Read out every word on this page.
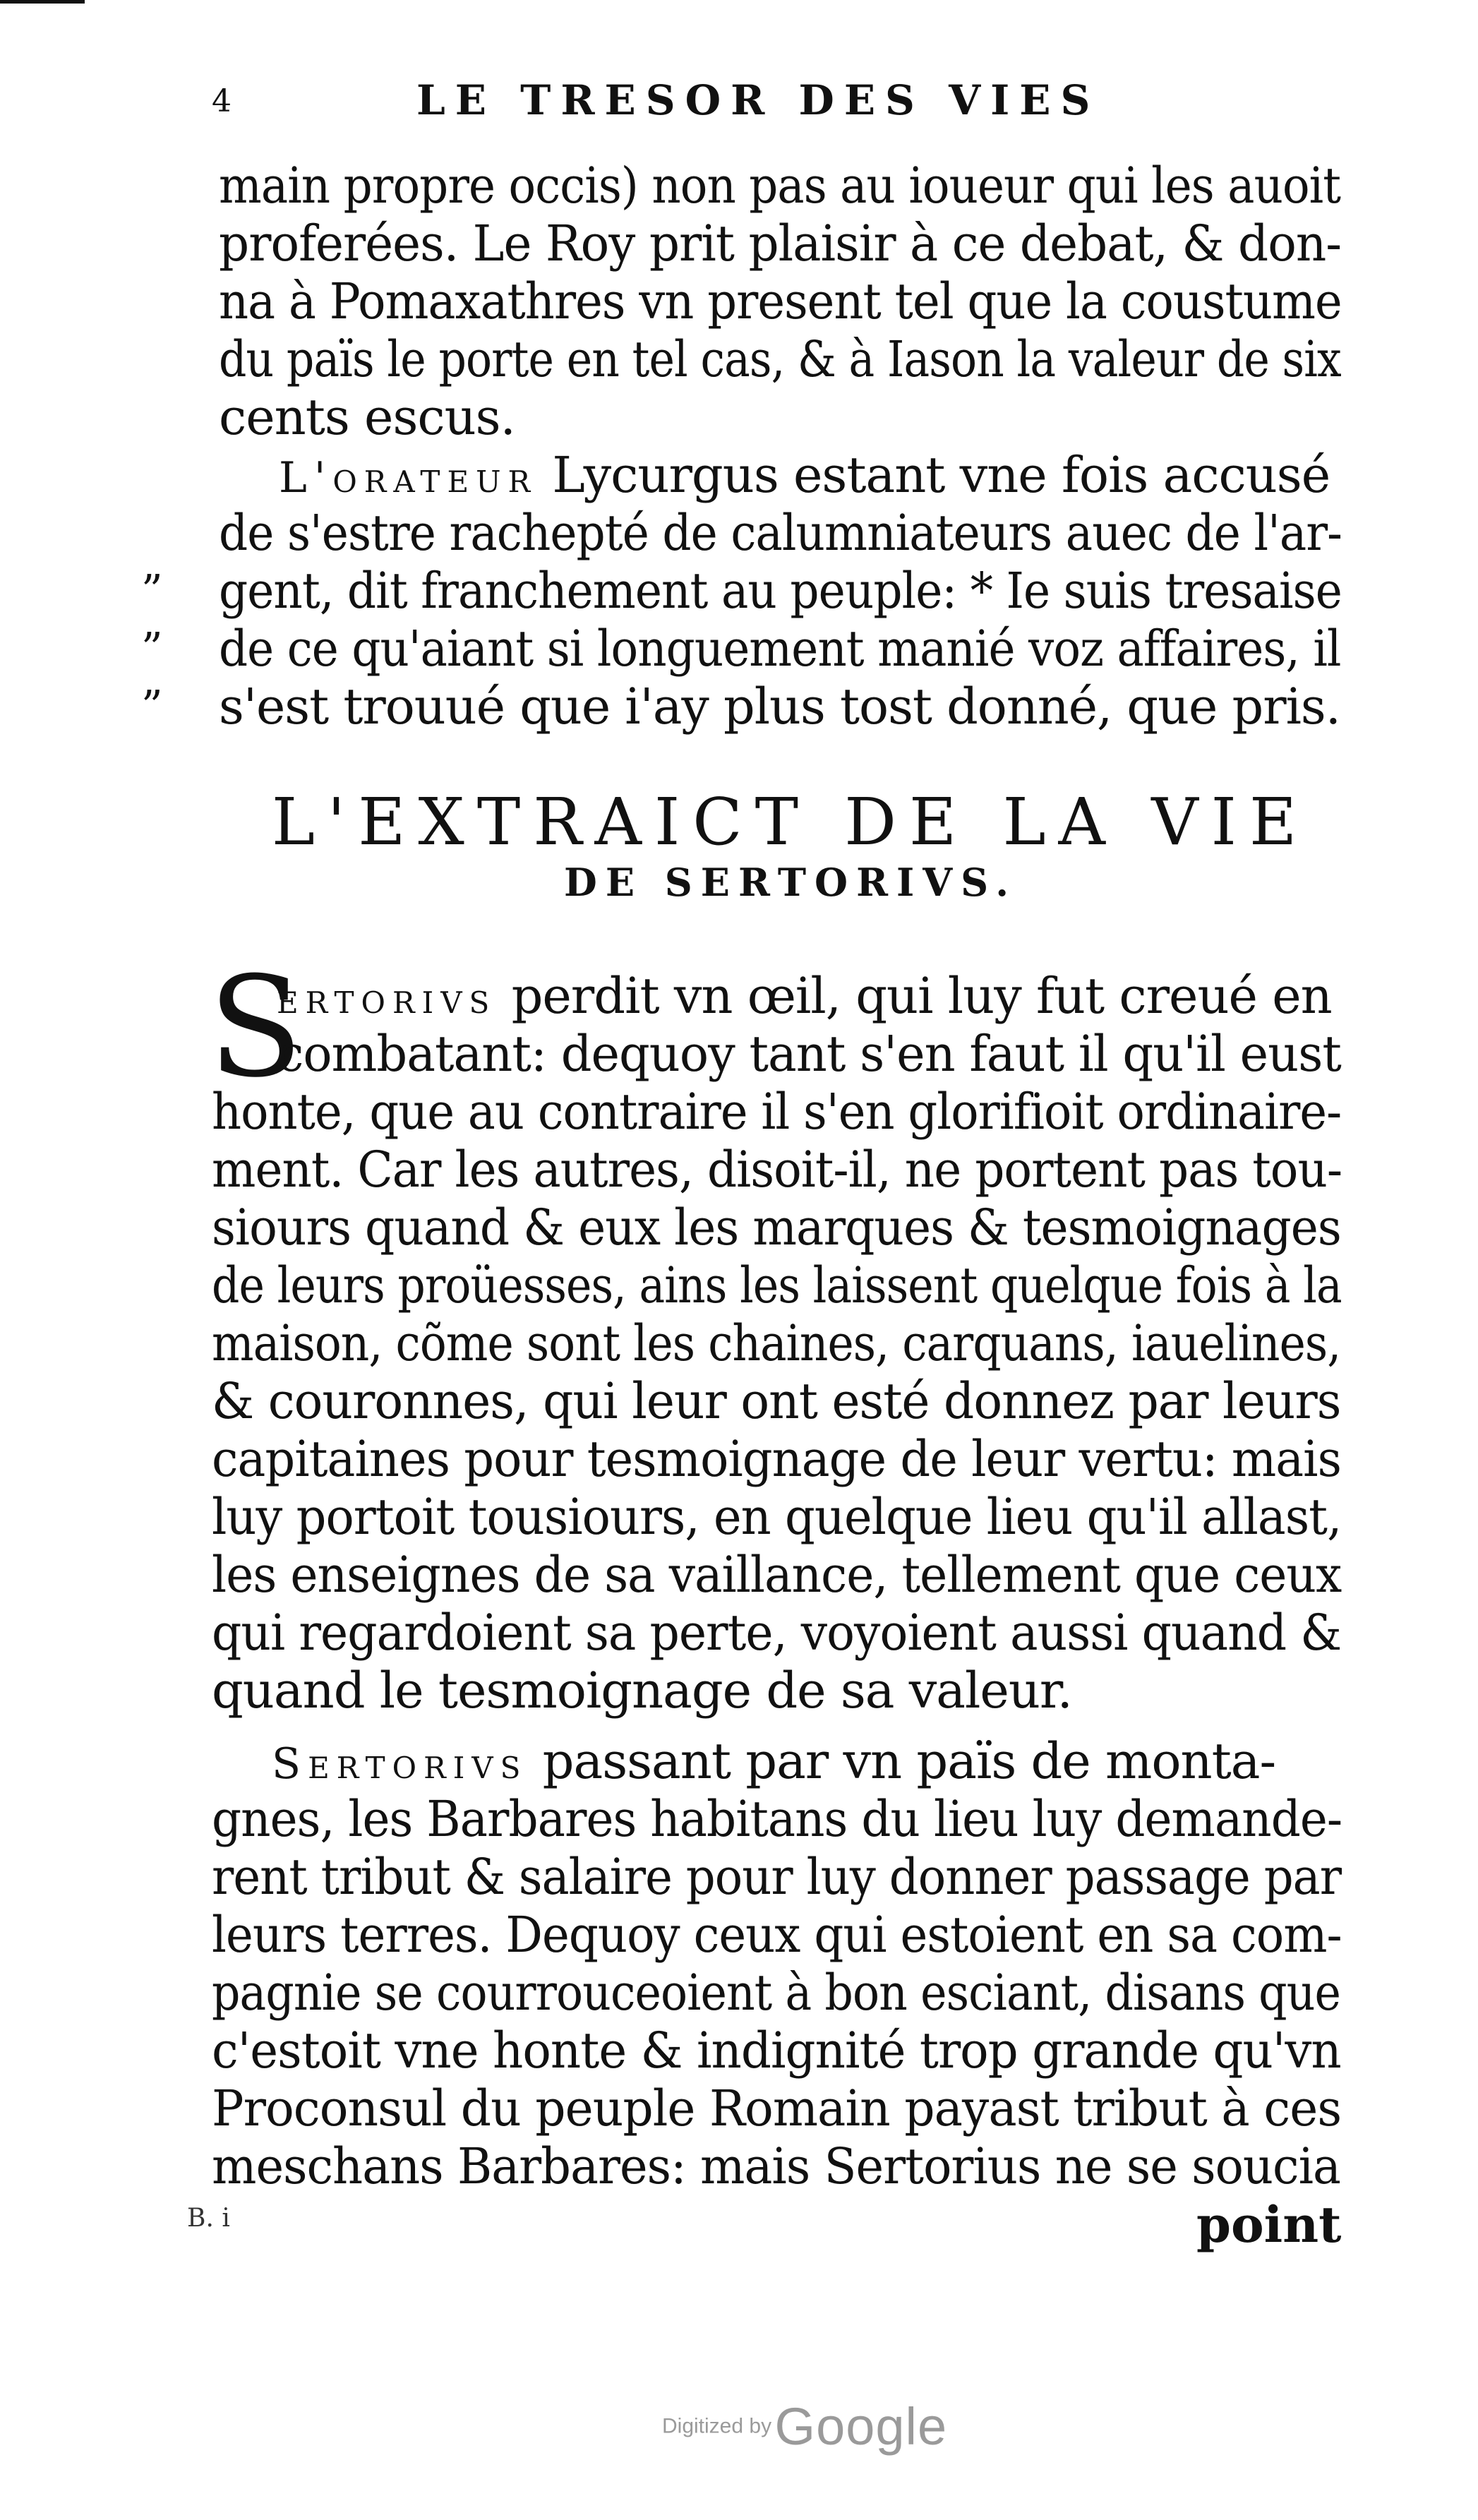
4	LE TRESOR DES VIES
main propre occis) non pas au ioueur qui les auoit
proferées. Le Roy prit plaisir à ce debat, & don-
na à Pomaxathres vn present tel que la coustume
du païs le porte en tel cas, & à Iason la valeur de six
cents escus.
L'orateur Lycurgus estant vne fois accusé
de s'estre rachepté de calumniateurs auec de l'ar-
gent, dit franchement au peuple: * Ie suis tresaise
de ce qu'aiant si longuement manié voz affaires, il
s'est trouué que i'ay plus tost donné, que pris.
”
”
”
L'EXTRAICT DE LA VIE
DE SERTORIVS.
S
ertorivs perdit vn œil, qui luy fut creué en
combatant: dequoy tant s'en faut il qu'il eust
honte, que au contraire il s'en glorifioit ordinaire-
ment. Car les autres, disoit-il, ne portent pas tou-
siours quand & eux les marques & tesmoignages
de leurs proüesses, ains les laissent quelque fois à la
maison, cõme sont les chaines, carquans, iauelines,
& couronnes, qui leur ont esté donnez par leurs
capitaines pour tesmoignage de leur vertu: mais
luy portoit tousiours, en quelque lieu qu'il allast,
les enseignes de sa vaillance, tellement que ceux
qui regardoient sa perte, voyoient aussi quand &
quand le tesmoignage de sa valeur.
Sertorivs passant par vn païs de monta-
gnes, les Barbares habitans du lieu luy demande-
rent tribut & salaire pour luy donner passage par
leurs terres. Dequoy ceux qui estoient en sa com-
pagnie se courrouceoient à bon esciant, disans que
c'estoit vne honte & indignité trop grande qu'vn
Proconsul du peuple Romain payast tribut à ces
meschans Barbares: mais Sertorius ne se soucia
B. i	point
Digitized by Google
